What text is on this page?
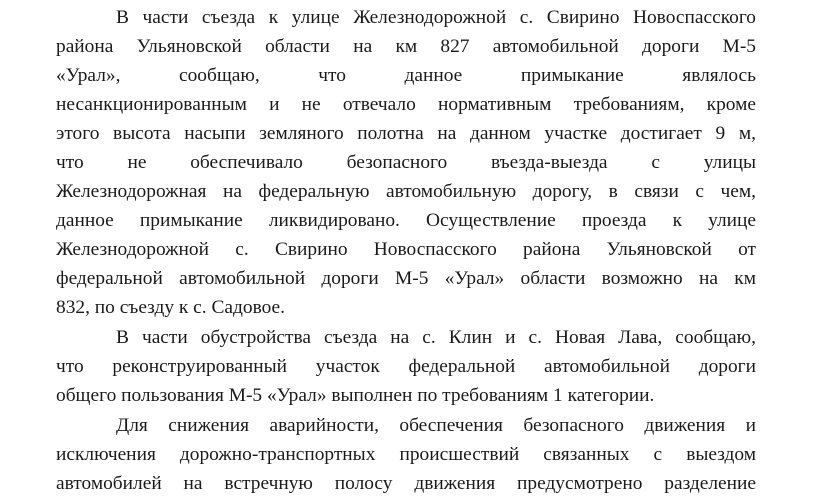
В части съезда к улице Железнодорожной с. Свирино Новоспасского
района Ульяновской области на км 827 автомобильной дороги М-5
«Урал», сообщаю, что данное примыкание являлось
несанкционированным и не отвечало нормативным требованиям, кроме
этого высота насыпи земляного полотна на данном участке достигает 9 м,
что не обеспечивало безопасного въезда-выезда с улицы
Железнодорожная на федеральную автомобильную дорогу, в связи с чем,
данное примыкание ликвидировано. Осуществление проезда к улице
Железнодорожной с. Свирино Новоспасского района Ульяновской от
федеральной автомобильной дороги М-5 «Урал» области возможно на км
832, по съезду к с. Садовое.
В части обустройства съезда на с. Клин и с. Новая Лава, сообщаю,
что реконструированный участок федеральной автомобильной дороги
общего пользования М-5 «Урал» выполнен по требованиям 1 категории.
Для снижения аварийности, обеспечения безопасного движения и
исключения дорожно-транспортных происшествий связанных с выездом
автомобилей на встречную полосу движения предусмотрено разделение
